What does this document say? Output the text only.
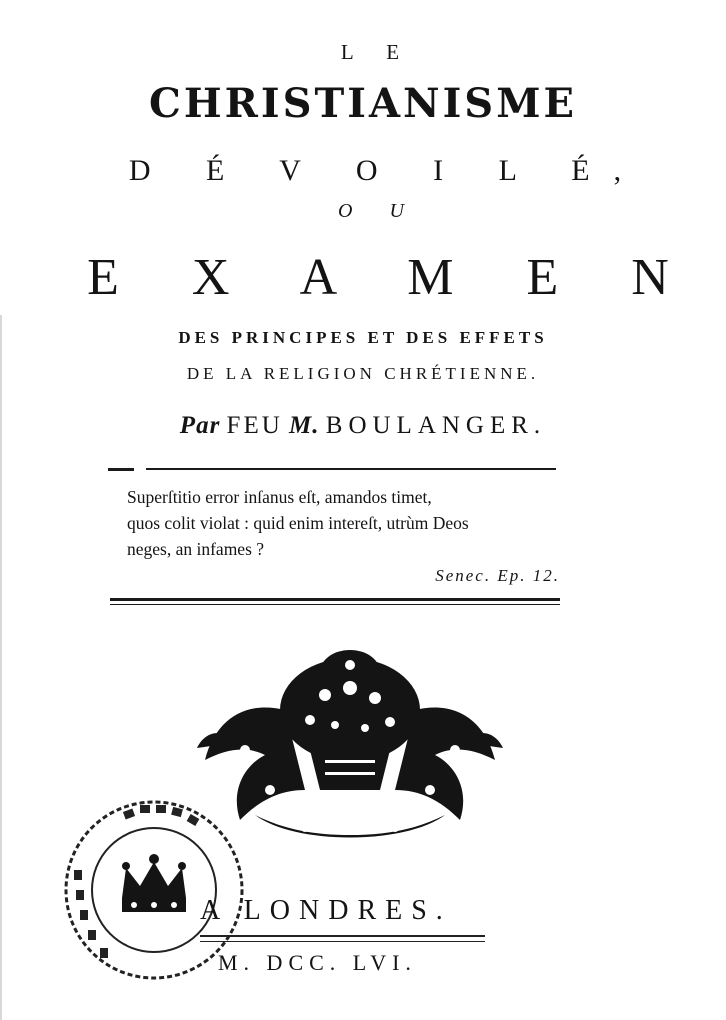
L E
CHRISTIANISME
D É V O I L É,
O U
E X A M E N
DES PRINCIPES ET DES EFFETS
DE LA RELIGION CHRÉTIENNE.
Par FEU M. BOULANGER.
Superſtitio error inſanus eſt, amandos timet,
quos colit violat : quid enim intereſt, utrùm Deos
neges, an infames ?
Senec. Ep. 12.
A LONDRES.
M. DCC. LVI.
